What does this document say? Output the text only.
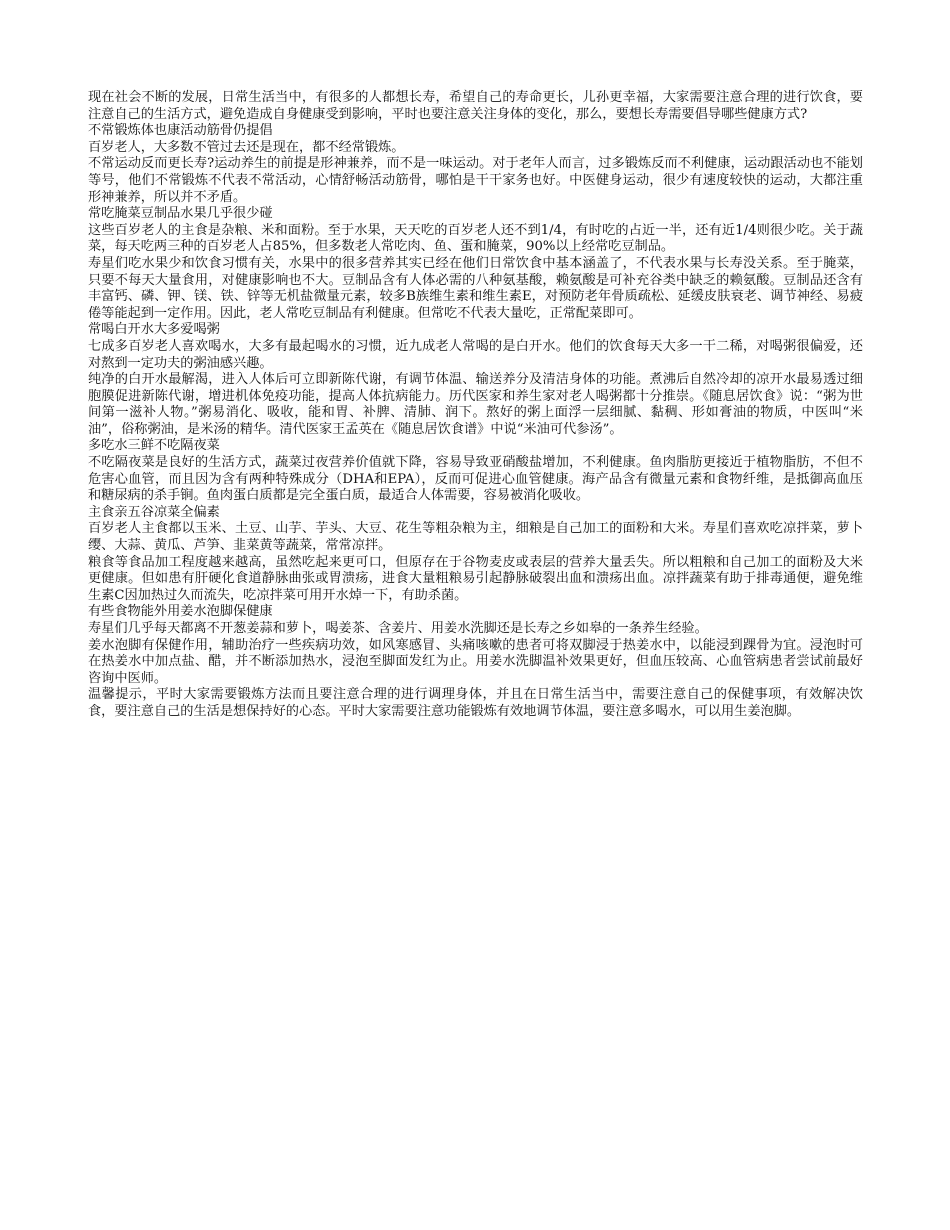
现在社会不断的发展，日常生活当中，有很多的人都想长寿，希望自己的寿命更长，儿孙更幸福，大家需要注意合理的进行饮食，要注意自己的生活方式，避免造成自身健康受到影响，平时也要注意关注身体的变化，那么，要想长寿需要倡导哪些健康方式?

不常锻炼体也康活动筋骨仍提倡

百岁老人，大多数不管过去还是现在，都不经常锻炼。

不常运动反而更长寿?运动养生的前提是形神兼养，而不是一味运动。对于老年人而言，过多锻炼反而不利健康，运动跟活动也不能划等号，他们不常锻炼不代表不常活动，心情舒畅活动筋骨，哪怕是干干家务也好。中医健身运动，很少有速度较快的运动，大都注重形神兼养，所以并不矛盾。

常吃腌菜豆制品水果几乎很少碰

这些百岁老人的主食是杂粮、米和面粉。至于水果，天天吃的百岁老人还不到1/4，有时吃的占近一半，还有近1/4则很少吃。关于蔬菜，每天吃两三种的百岁老人占85%，但多数老人常吃肉、鱼、蛋和腌菜，90%以上经常吃豆制品。

寿星们吃水果少和饮食习惯有关，水果中的很多营养其实已经在他们日常饮食中基本涵盖了，不代表水果与长寿没关系。至于腌菜，只要不每天大量食用，对健康影响也不大。豆制品含有人体必需的八种氨基酸，赖氨酸是可补充谷类中缺乏的赖氨酸。豆制品还含有丰富钙、磷、钾、镁、铁、锌等无机盐微量元素，较多B族维生素和维生素E，对预防老年骨质疏松、延缓皮肤衰老、调节神经、易疲倦等能起到一定作用。因此，老人常吃豆制品有利健康。但常吃不代表大量吃，正常配菜即可。

常喝白开水大多爱喝粥

七成多百岁老人喜欢喝水，大多有最起喝水的习惯，近九成老人常喝的是白开水。他们的饮食每天大多一干二稀，对喝粥很偏爱，还对熬到一定功夫的粥油感兴趣。

纯净的白开水最解渴，进入人体后可立即新陈代谢，有调节体温、输送养分及清洁身体的功能。煮沸后自然冷却的凉开水最易透过细胞膜促进新陈代谢，增进机体免疫功能，提高人体抗病能力。历代医家和养生家对老人喝粥都十分推崇。《随息居饮食》说：“粥为世间第一滋补人物。”粥易消化、吸收，能和胃、补脾、清肺、润下。熬好的粥上面浮一层细腻、黏稠、形如膏油的物质，中医叫“米油”，俗称粥油，是米汤的精华。清代医家王孟英在《随息居饮食谱》中说“米油可代参汤”。

多吃水三鲜不吃隔夜菜

不吃隔夜菜是良好的生活方式，蔬菜过夜营养价值就下降，容易导致亚硝酸盐增加，不利健康。鱼肉脂肪更接近于植物脂肪，不但不危害心血管，而且因为含有两种特殊成分（DHA和EPA），反而可促进心血管健康。海产品含有微量元素和食物纤维，是抵御高血压和糖尿病的杀手锏。鱼肉蛋白质都是完全蛋白质，最适合人体需要，容易被消化吸收。

主食亲五谷凉菜全偏素

百岁老人主食都以玉米、土豆、山芋、芋头、大豆、花生等粗杂粮为主，细粮是自己加工的面粉和大米。寿星们喜欢吃凉拌菜，萝卜缨、大蒜、黄瓜、芦笋、韭菜黄等蔬菜，常常凉拌。

粮食等食品加工程度越来越高，虽然吃起来更可口，但原存在于谷物麦皮或表层的营养大量丢失。所以粗粮和自己加工的面粉及大米更健康。但如患有肝硬化食道静脉曲张或胃溃疡，进食大量粗粮易引起静脉破裂出血和溃疡出血。凉拌蔬菜有助于排毒通便，避免维生素C因加热过久而流失，吃凉拌菜可用开水焯一下，有助杀菌。

有些食物能外用姜水泡脚保健康

寿星们几乎每天都离不开葱姜蒜和萝卜，喝姜茶、含姜片、用姜水洗脚还是长寿之乡如皋的一条养生经验。

姜水泡脚有保健作用，辅助治疗一些疾病功效，如风寒感冒、头痛咳嗽的患者可将双脚浸于热姜水中，以能浸到踝骨为宜。浸泡时可在热姜水中加点盐、醋，并不断添加热水，浸泡至脚面发红为止。用姜水洗脚温补效果更好，但血压较高、心血管病患者尝试前最好咨询中医师。

温馨提示，平时大家需要锻炼方法而且要注意合理的进行调理身体，并且在日常生活当中，需要注意自己的保健事项，有效解决饮食，要注意自己的生活是想保持好的心态。平时大家需要注意功能锻炼有效地调节体温，要注意多喝水，可以用生姜泡脚。
